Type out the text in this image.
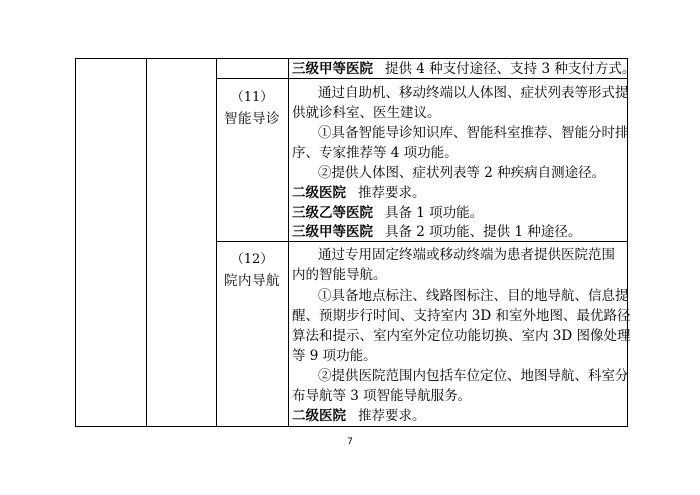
三级甲等医院 提供 4 种支付途径、支持 3 种支付方式。
（11）
智能导诊
通过自助机、移动终端以人体图、症状列表等形式提
供就诊科室、医生建议。
①具备智能导诊知识库、智能科室推荐、智能分时排
序、专家推荐等 4 项功能。
②提供人体图、症状列表等 2 种疾病自测途径。
二级医院 推荐要求。
三级乙等医院 具备 1 项功能。
三级甲等医院 具备 2 项功能、提供 1 种途径。
（12）
院内导航
通过专用固定终端或移动终端为患者提供医院范围
内的智能导航。
①具备地点标注、线路图标注、目的地导航、信息提
醒、预期步行时间、支持室内 3D 和室外地图、最优路径
算法和提示、室内室外定位功能切换、室内 3D 图像处理
等 9 项功能。
②提供医院范围内包括车位定位、地图导航、科室分
布导航等 3 项智能导航服务。
二级医院 推荐要求。
7
